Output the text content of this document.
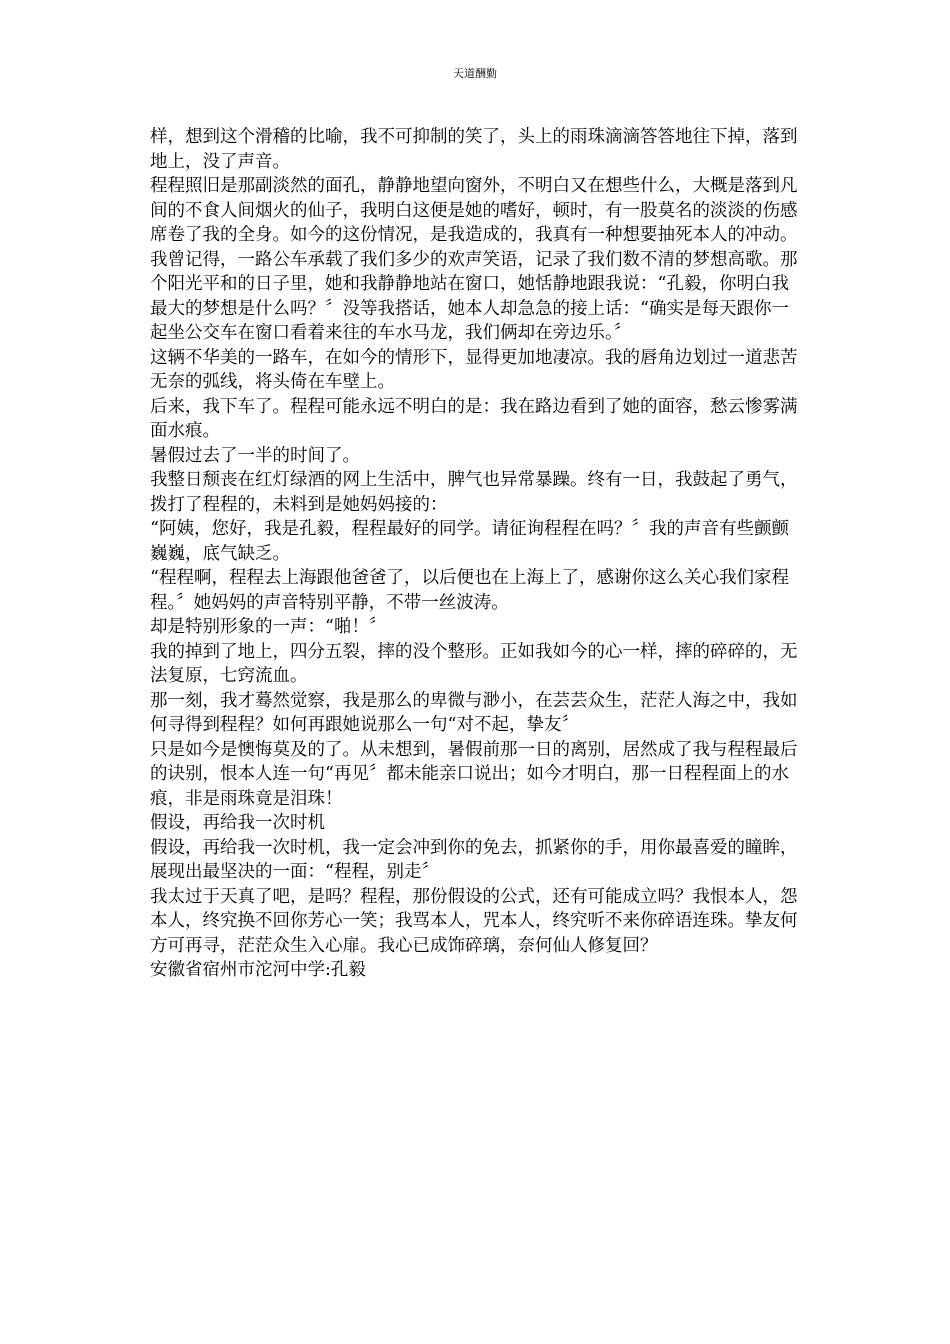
天道酬勤

样，想到这个滑稽的比喻，我不可抑制的笑了，头上的雨珠滴滴答答地往下掉，落到地上，没了声音。

程程照旧是那副淡然的面孔，静静地望向窗外，不明白又在想些什么，大概是落到凡间的不食人间烟火的仙子，我明白这便是她的嗜好，顿时，有一股莫名的淡淡的伤感席卷了我的全身。如今的这份情况，是我造成的，我真有一种想要抽死本人的冲动。

我曾记得，一路公车承载了我们多少的欢声笑语，记录了我们数不清的梦想高歌。那个阳光平和的日子里，她和我静静地站在窗口，她恬静地跟我说：“孔毅，你明白我最大的梦想是什么吗？〞没等我搭话，她本人却急急的接上话：“确实是每天跟你一起坐公交车在窗口看着来往的车水马龙，我们俩却在旁边乐。〞

这辆不华美的一路车，在如今的情形下，显得更加地凄凉。我的唇角边划过一道悲苦无奈的弧线，将头倚在车壁上。

后来，我下车了。程程可能永远不明白的是：我在路边看到了她的面容，愁云惨雾满面水痕。

暑假过去了一半的时间了。

我整日颓丧在红灯绿酒的网上生活中，脾气也异常暴躁。终有一日，我鼓起了勇气，拨打了程程的，未料到是她妈妈接的：

“阿姨，您好，我是孔毅，程程最好的同学。请征询程程在吗？〞我的声音有些颤颤巍巍，底气缺乏。

“程程啊，程程去上海跟他爸爸了，以后便也在上海上了，感谢你这么关心我们家程程。〞她妈妈的声音特别平静，不带一丝波涛。

却是特别形象的一声：“啪！〞

我的掉到了地上，四分五裂，摔的没个整形。正如我如今的心一样，摔的碎碎的，无法复原，七窍流血。

那一刻，我才蓦然觉察，我是那么的卑微与渺小，在芸芸众生，茫茫人海之中，我如何寻得到程程？如何再跟她说那么一句“对不起，挚友〞

只是如今是懊悔莫及的了。从未想到，暑假前那一日的离别，居然成了我与程程最后的诀别，恨本人连一句“再见〞都未能亲口说出；如今才明白，那一日程程面上的水痕，非是雨珠竟是泪珠！

假设，再给我一次时机

假设，再给我一次时机，我一定会冲到你的免去，抓紧你的手，用你最喜爱的瞳眸，展现出最坚决的一面：“程程，别走〞

我太过于天真了吧，是吗？程程，那份假设的公式，还有可能成立吗？我恨本人，怨本人，终究换不回你芳心一笑；我骂本人，咒本人，终究听不来你碎语连珠。挚友何方可再寻，茫茫众生入心扉。我心已成饰碎璃，奈何仙人修复回？

安徽省宿州市沱河中学:孔毅
